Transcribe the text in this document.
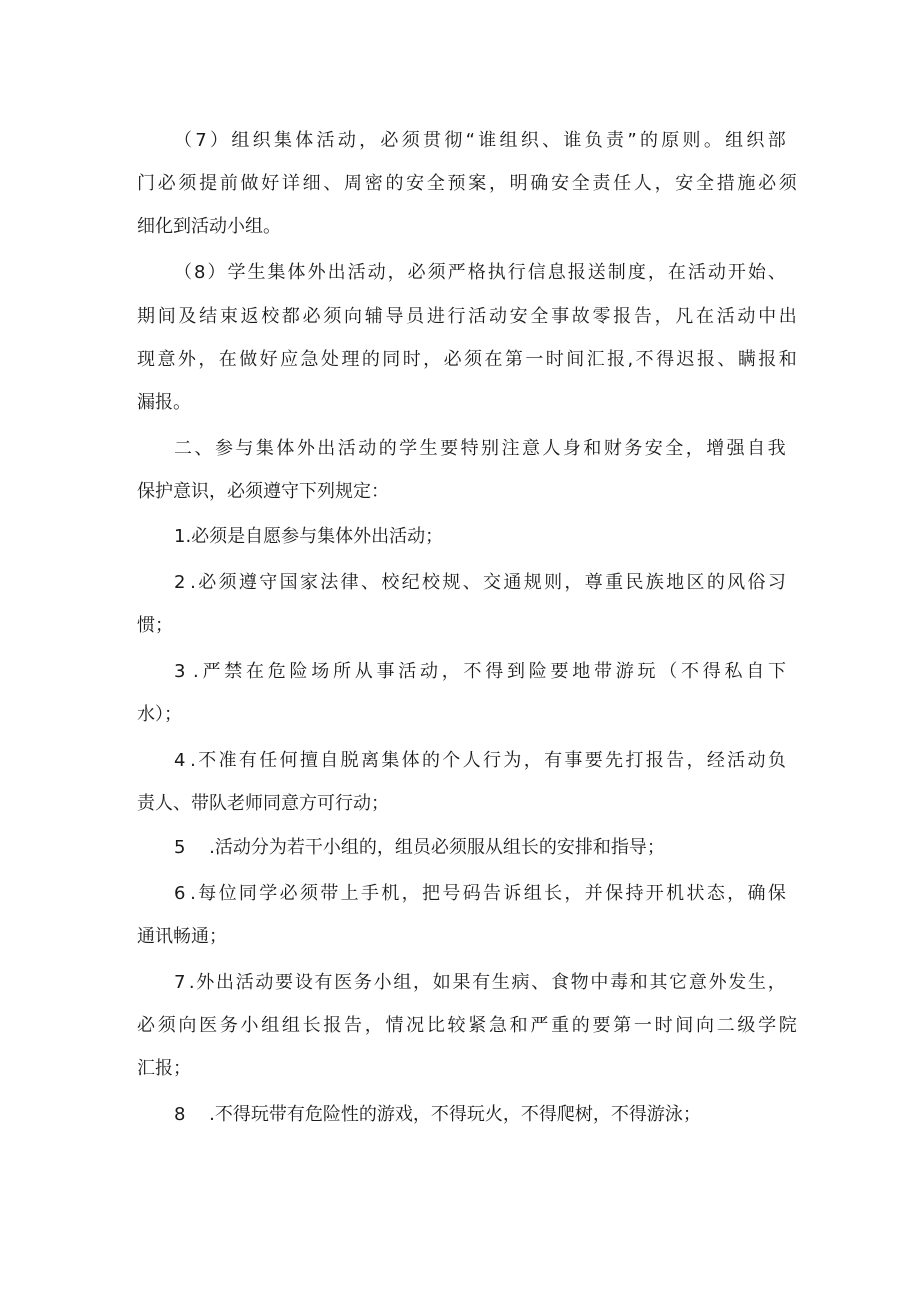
（ 7 ） 组 织 集 体 活 动 ， 必 须 贯 彻 “ 谁 组 织 、 谁 负 责 ” 的 原 则 。 组 织 部
门 必 须 提 前 做 好 详 细 、 周 密 的 安 全 预 案 ， 明 确 安 全 责 任 人 ， 安 全 措 施 必 须
细化到活动小组。
（ 8 ） 学 生 集 体 外 出 活 动 ， 必 须 严 格 执 行 信 息 报 送 制 度 ， 在 活 动 开 始 、
期 间 及 结 束 返 校 都 必 须 向 辅 导 员 进 行 活 动 安 全 事 故 零 报 告 ， 凡 在 活 动 中 出
现 意 外 ， 在 做 好 应 急 处 理 的 同 时 ， 必 须 在 第 一 时 间 汇 报 , 不 得 迟 报 、 瞒 报 和
漏报。
二 、 参 与 集 体 外 出 活 动 的 学 生 要 特 别 注 意 人 身 和 财 务 安 全 ， 增 强 自 我
保护意识，必须遵守下列规定：
1.必须是自愿参与集体外出活动；
2 . 必 须 遵 守 国 家 法 律 、 校 纪 校 规 、 交 通 规 则 ， 尊 重 民 族 地 区 的 风 俗 习
惯；
3 . 严 禁 在 危 险 场 所 从 事 活 动 ， 不 得 到 险 要 地 带 游 玩 （ 不 得 私 自 下
水）；
4 . 不 准 有 任 何 擅 自 脱 离 集 体 的 个 人 行 为 ， 有 事 要 先 打 报 告 ， 经 活 动 负
责人、带队老师同意方可行动；
5　 .活动分为若干小组的，组员必须服从组长的安排和指导；
6 . 每 位 同 学 必 须 带 上 手 机 ， 把 号 码 告 诉 组 长 ， 并 保 持 开 机 状 态 ， 确 保
通讯畅通；
7 . 外 出 活 动 要 设 有 医 务 小 组 ， 如 果 有 生 病 、 食 物 中 毒 和 其 它 意 外 发 生 ，
必 须 向 医 务 小 组 组 长 报 告 ， 情 况 比 较 紧 急 和 严 重 的 要 第 一 时 间 向 二 级 学 院
汇报；
8　 .不得玩带有危险性的游戏，不得玩火，不得爬树，不得游泳；
